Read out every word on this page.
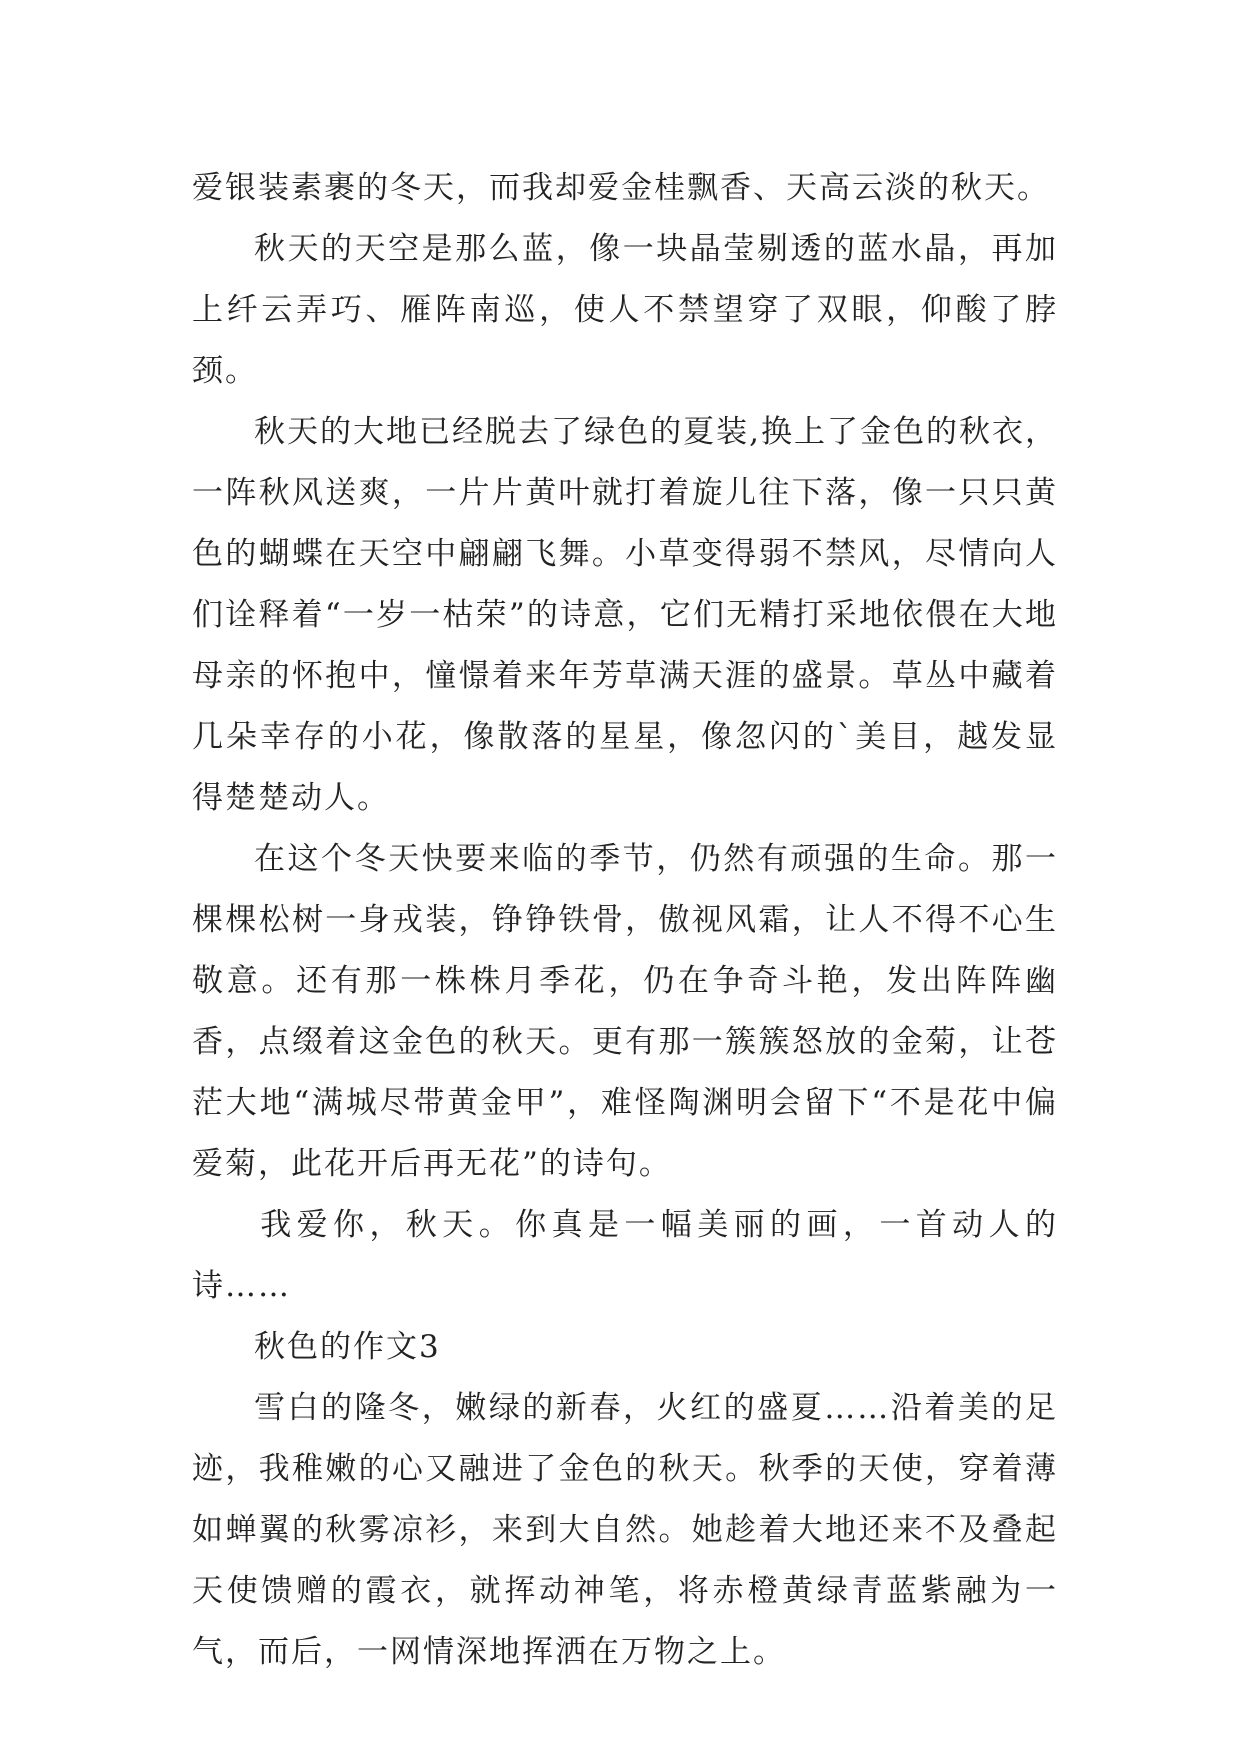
爱银装素裹的冬天，而我却爱金桂飘香、天高云淡的秋天。

秋天的天空是那么蓝，像一块晶莹剔透的蓝水晶，再加上纤云弄巧、雁阵南巡，使人不禁望穿了双眼，仰酸了脖颈。

秋天的大地已经脱去了绿色的夏装,换上了金色的秋衣，一阵秋风送爽，一片片黄叶就打着旋儿往下落，像一只只黄色的蝴蝶在天空中翩翩飞舞。小草变得弱不禁风，尽情向人们诠释着“一岁一枯荣”的诗意，它们无精打采地依偎在大地母亲的怀抱中，憧憬着来年芳草满天涯的盛景。草丛中藏着几朵幸存的小花，像散落的星星，像忽闪的`美目，越发显得楚楚动人。

在这个冬天快要来临的季节，仍然有顽强的生命。那一棵棵松树一身戎装，铮铮铁骨，傲视风霜，让人不得不心生敬意。还有那一株株月季花，仍在争奇斗艳，发出阵阵幽香，点缀着这金色的秋天。更有那一簇簇怒放的金菊，让苍茫大地“满城尽带黄金甲”，难怪陶渊明会留下“不是花中偏爱菊，此花开后再无花”的诗句。

我爱你，秋天。你真是一幅美丽的画，一首动人的诗……

秋色的作文3

雪白的隆冬，嫩绿的新春，火红的盛夏……沿着美的足迹，我稚嫩的心又融进了金色的秋天。秋季的天使，穿着薄如蝉翼的秋雾凉衫，来到大自然。她趁着大地还来不及叠起天使馈赠的霞衣，就挥动神笔，将赤橙黄绿青蓝紫融为一气，而后，一网情深地挥洒在万物之上。
